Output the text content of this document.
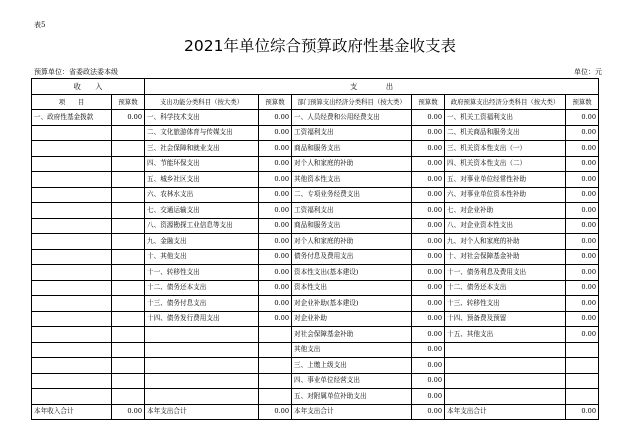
表5
2021年单位综合预算政府性基金收支表
预算单位：省委政法委本级	单位：元
收　　入		支　　　　出					
项　　目	预算数	支出功能分类科目（按大类）	预算数	部门预算支出经济分类科目（按大类）	预算数	政府预算支出经济分类科目（按大类）	预算数
一、政府性基金拨款	0.00	一、科学技术支出	0.00	一、人员经费和公用经费支出	0.00	一、机关工资福利支出	0.00
		二、文化旅游体育与传媒支出	0.00	工资福利支出	0.00	二、机关商品和服务支出	0.00
		三、社会保障和就业支出	0.00	商品和服务支出	0.00	三、机关资本性支出（一）	0.00
		四、节能环保支出	0.00	对个人和家庭的补助	0.00	四、机关资本性支出（二）	0.00
		五、城乡社区支出	0.00	其他资本性支出	0.00	五、对事业单位经常性补助	0.00
		六、农林水支出	0.00	二、专项业务经费支出	0.00	六、对事业单位资本性补助	0.00
		七、交通运输支出	0.00	工资福利支出	0.00	七、对企业补助	0.00
		八、资源勘探工业信息等支出	0.00	商品和服务支出	0.00	八、对企业资本性支出	0.00
		九、金融支出	0.00	对个人和家庭的补助	0.00	九、对个人和家庭的补助	0.00
		十、其他支出	0.00	债务付息及费用支出	0.00	十、对社会保障基金补助	0.00
		十一、转移性支出	0.00	资本性支出(基本建设)	0.00	十一、债务利息及费用支出	0.00
		十二、债务还本支出	0.00	资本性支出	0.00	十二、债务还本支出	0.00
		十三、债务付息支出	0.00	对企业补助(基本建设)	0.00	十三、转移性支出	0.00
		十四、债务发行费用支出	0.00	对企业补助	0.00	十四、预备费及预留	0.00
				对社会保障基金补助	0.00	十五、其他支出	0.00
				其他支出	0.00		
				三、上缴上级支出	0.00		
				四、事业单位经营支出	0.00		
				五、对附属单位补助支出	0.00		
本年收入合计	0.00	本年支出合计	0.00	本年支出合计	0.00	本年支出合计	0.00
